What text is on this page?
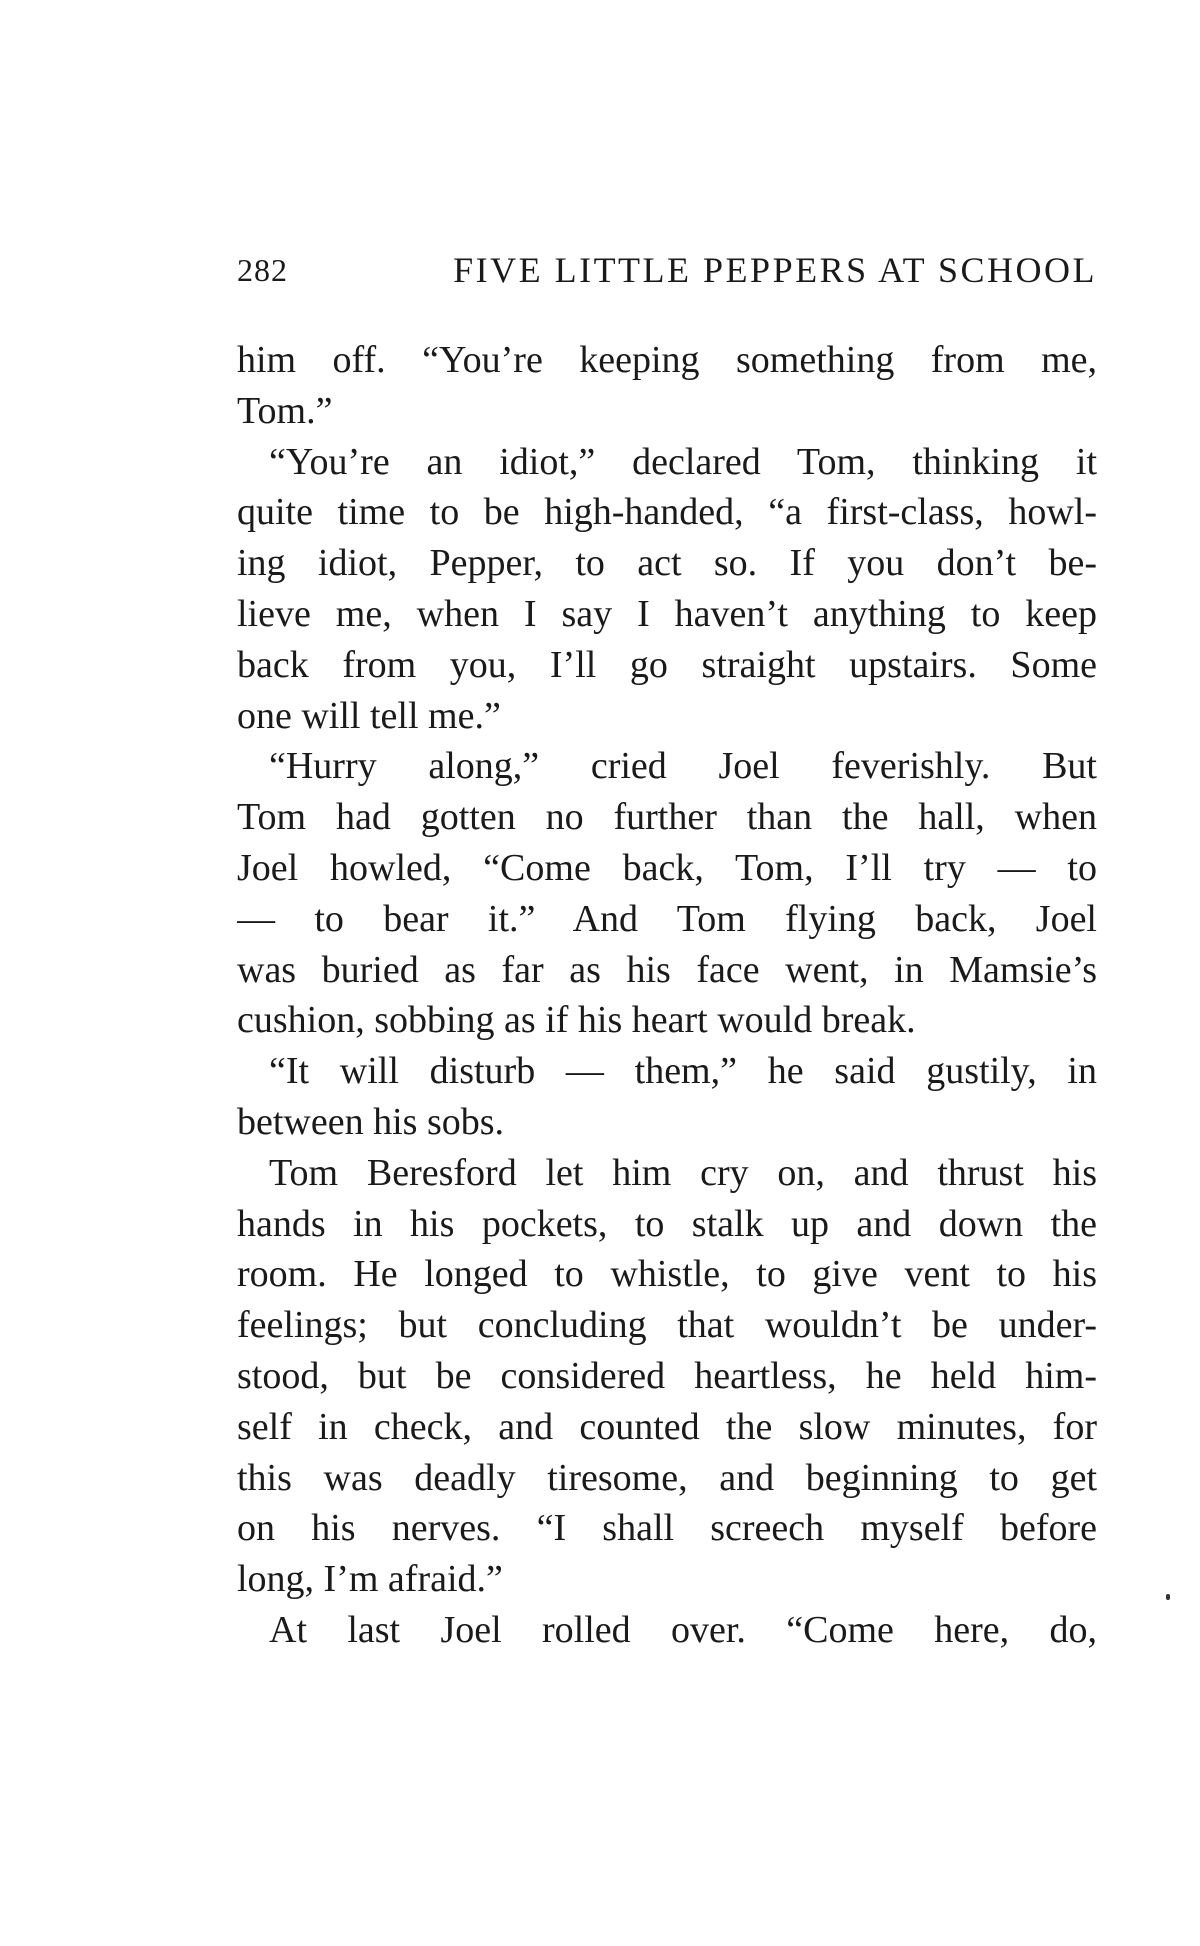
282	FIVE LITTLE PEPPERS AT SCHOOL
him off. “You’re keeping something from me,
Tom.”
“You’re an idiot,” declared Tom, thinking it
quite time to be high-handed, “a first-class, howl-
ing idiot, Pepper, to act so. If you don’t be-
lieve me, when I say I haven’t anything to keep
back from you, I’ll go straight upstairs. Some
one will tell me.”
“Hurry along,” cried Joel feverishly. But
Tom had gotten no further than the hall, when
Joel howled, “Come back, Tom, I’ll try — to
— to bear it.” And Tom flying back, Joel
was buried as far as his face went, in Mamsie’s
cushion, sobbing as if his heart would break.
“It will disturb — them,” he said gustily, in
between his sobs.
Tom Beresford let him cry on, and thrust his
hands in his pockets, to stalk up and down the
room. He longed to whistle, to give vent to his
feelings; but concluding that wouldn’t be under-
stood, but be considered heartless, he held him-
self in check, and counted the slow minutes, for
this was deadly tiresome, and beginning to get
on his nerves. “I shall screech myself before
long, I’m afraid.”
At last Joel rolled over. “Come here, do,
